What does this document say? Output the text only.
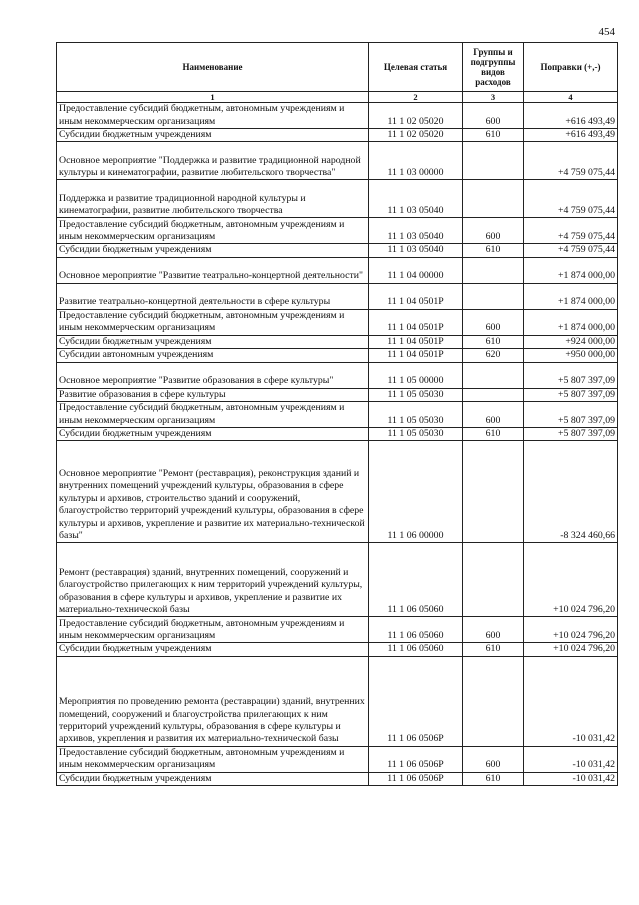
454
Наименование	Целевая статья	Группы и подгруппы видов расходов	Поправки (+,-)
1	2	3	4
Предоставление субсидий бюджетным, автономным учреждениям и иным некоммерческим организациям	11 1 02 05020	600	+616 493,49
Субсидии бюджетным учреждениям	11 1 02 05020	610	+616 493,49
Основное мероприятие "Поддержка и развитие традиционной народной культуры и кинематографии, развитие любительского творчества"	11 1 03 00000		+4 759 075,44
Поддержка и развитие традиционной народной культуры и кинематографии, развитие любительского творчества	11 1 03 05040		+4 759 075,44
Предоставление субсидий бюджетным, автономным учреждениям и иным некоммерческим организациям	11 1 03 05040	600	+4 759 075,44
Субсидии бюджетным учреждениям	11 1 03 05040	610	+4 759 075,44
Основное мероприятие "Развитие театрально-концертной деятельности"	11 1 04 00000		+1 874 000,00
Развитие театрально-концертной деятельности в сфере культуры	11 1 04 0501Р		+1 874 000,00
Предоставление субсидий бюджетным, автономным учреждениям и иным некоммерческим организациям	11 1 04 0501Р	600	+1 874 000,00
Субсидии бюджетным учреждениям	11 1 04 0501Р	610	+924 000,00
Субсидии автономным учреждениям	11 1 04 0501Р	620	+950 000,00
Основное мероприятие "Развитие образования в сфере культуры"	11 1 05 00000		+5 807 397,09
Развитие образования в сфере культуры	11 1 05 05030		+5 807 397,09
Предоставление субсидий бюджетным, автономным учреждениям и иным некоммерческим организациям	11 1 05 05030	600	+5 807 397,09
Субсидии бюджетным учреждениям	11 1 05 05030	610	+5 807 397,09
Основное мероприятие "Ремонт (реставрация), реконструкция зданий и внутренних помещений учреждений культуры, образования в сфере культуры и архивов, строительство зданий и сооружений, благоустройство территорий учреждений культуры, образования в сфере культуры и архивов, укрепление и развитие их материально-технической базы"	11 1 06 00000		-8 324 460,66
Ремонт (реставрация) зданий, внутренних помещений, сооружений и благоустройство прилегающих к ним территорий учреждений культуры, образования в сфере культуры и архивов, укрепление и развитие их материально-технической базы	11 1 06 05060		+10 024 796,20
Предоставление субсидий бюджетным, автономным учреждениям и иным некоммерческим организациям	11 1 06 05060	600	+10 024 796,20
Субсидии бюджетным учреждениям	11 1 06 05060	610	+10 024 796,20
Мероприятия по проведению ремонта (реставрации) зданий, внутренних помещений, сооружений и благоустройства прилегающих к ним территорий учреждений культуры, образования в сфере культуры и архивов, укрепления и развития их материально-технической базы	11 1 06 0506Р		-10 031,42
Предоставление субсидий бюджетным, автономным учреждениям и иным некоммерческим организациям	11 1 06 0506Р	600	-10 031,42
Субсидии бюджетным учреждениям	11 1 06 0506Р	610	-10 031,42
